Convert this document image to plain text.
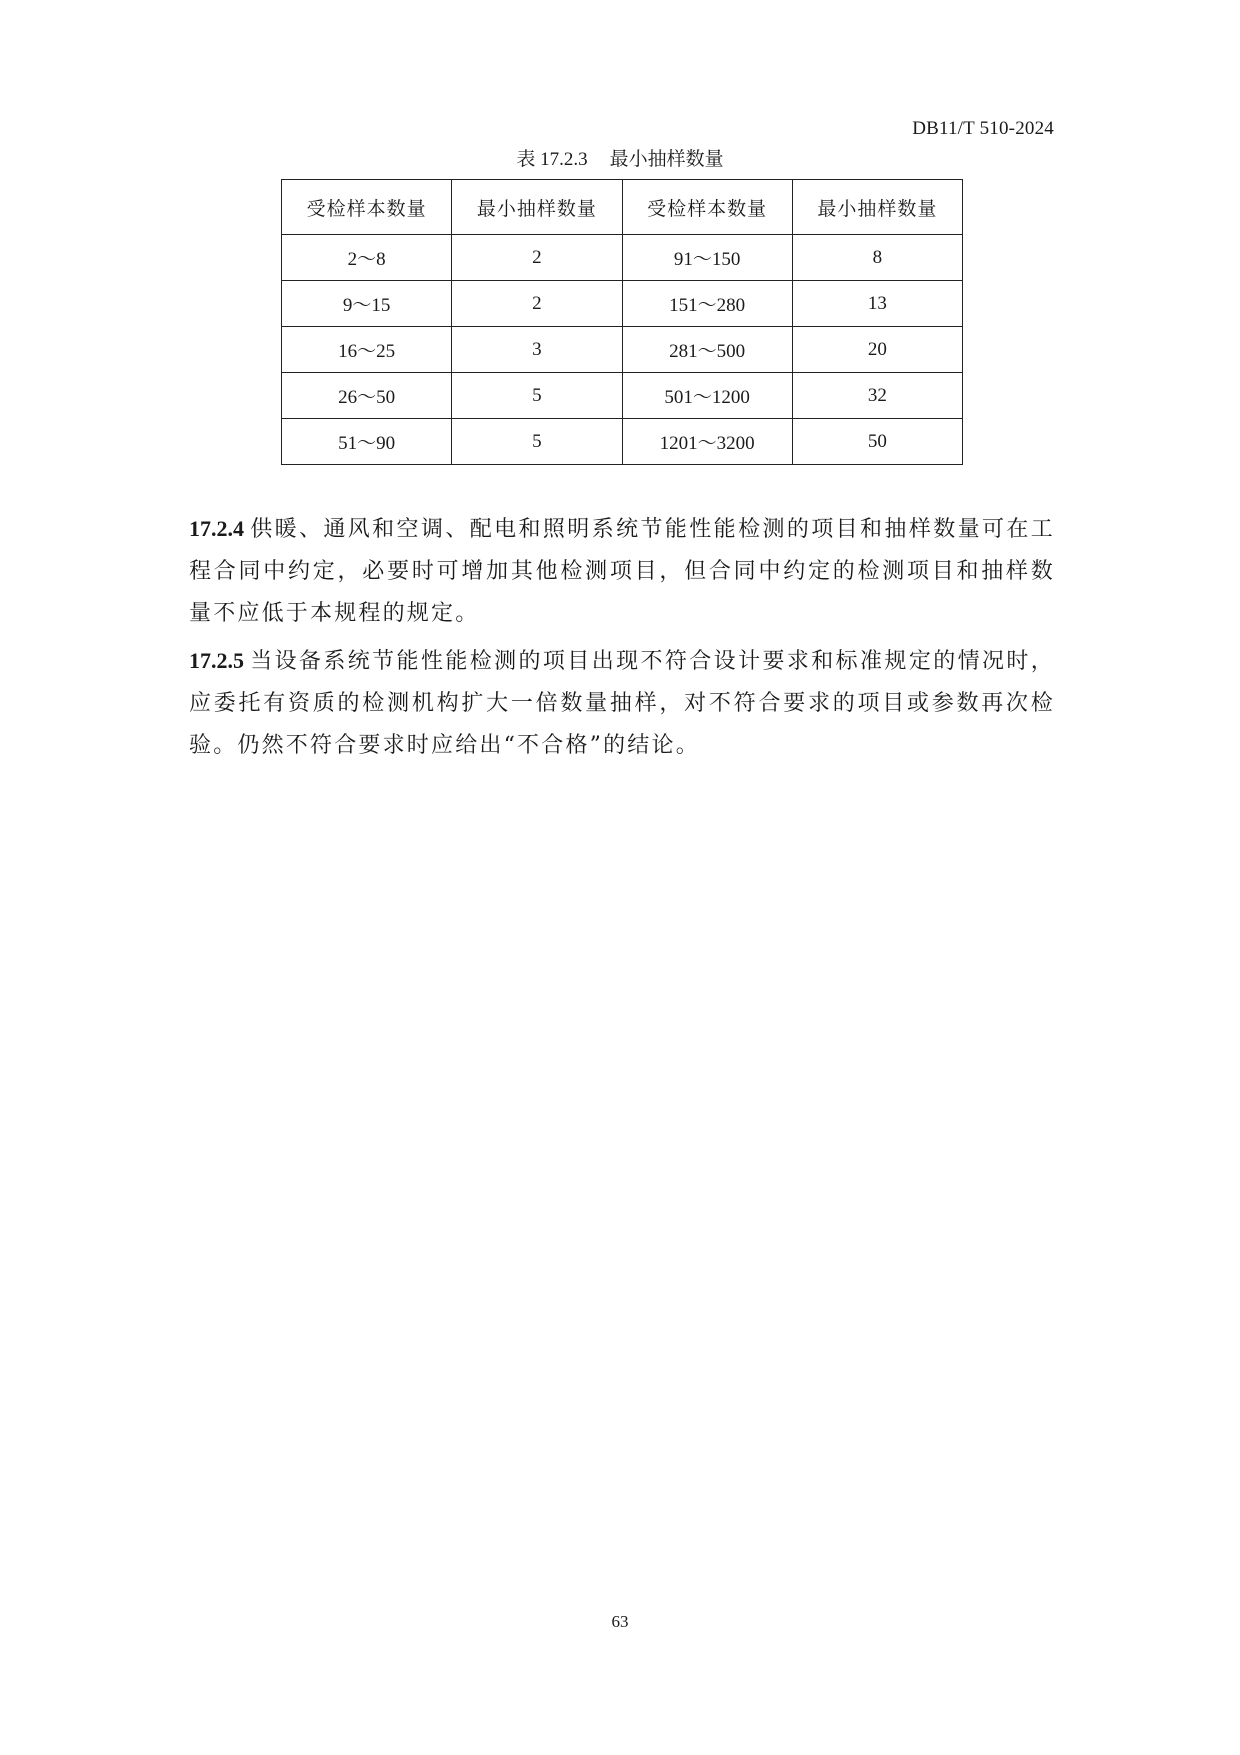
DB11/T 510-2024
表 17.2.3 最小抽样数量
受检样本数量	最小抽样数量	受检样本数量	最小抽样数量
2～8	2	91～150	8
9～15	2	151～280	13
16～25	3	281～500	20
26～50	5	501～1200	32
51～90	5	1201～3200	50

17.2.4 供暖、通风和空调、配电和照明系统节能性能检测的项目和抽样数量可在工程合同中约定，必要时可增加其他检测项目，但合同中约定的检测项目和抽样数量不应低于本规程的规定。

17.2.5 当设备系统节能性能检测的项目出现不符合设计要求和标准规定的情况时，应委托有资质的检测机构扩大一倍数量抽样，对不符合要求的项目或参数再次检验。仍然不符合要求时应给出“不合格”的结论。

63
